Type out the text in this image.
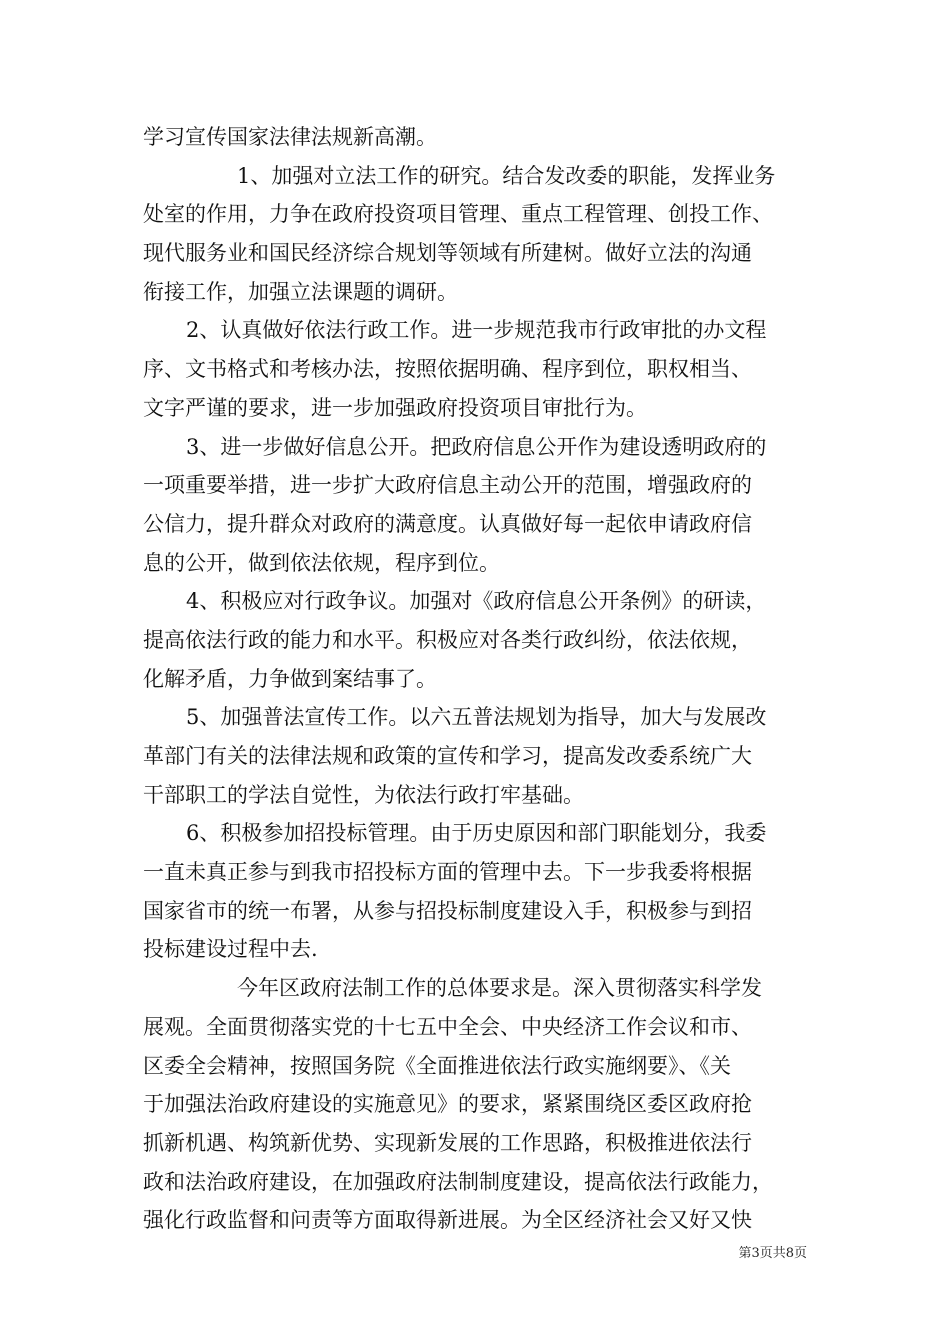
学习宣传国家法律法规新高潮。
1、加强对立法工作的研究。结合发改委的职能，发挥业务
处室的作用，力争在政府投资项目管理、重点工程管理、创投工作、
现代服务业和国民经济综合规划等领域有所建树。做好立法的沟通
衔接工作，加强立法课题的调研。
2、认真做好依法行政工作。进一步规范我市行政审批的办文程
序、文书格式和考核办法，按照依据明确、程序到位，职权相当、
文字严谨的要求，进一步加强政府投资项目审批行为。
3、进一步做好信息公开。把政府信息公开作为建设透明政府的
一项重要举措，进一步扩大政府信息主动公开的范围，增强政府的
公信力，提升群众对政府的满意度。认真做好每一起依申请政府信
息的公开，做到依法依规，程序到位。
4、积极应对行政争议。加强对《政府信息公开条例》的研读，
提高依法行政的能力和水平。积极应对各类行政纠纷，依法依规，
化解矛盾，力争做到案结事了。
5、加强普法宣传工作。以六五普法规划为指导，加大与发展改
革部门有关的法律法规和政策的宣传和学习，提高发改委系统广大
干部职工的学法自觉性，为依法行政打牢基础。
6、积极参加招投标管理。由于历史原因和部门职能划分，我委
一直未真正参与到我市招投标方面的管理中去。下一步我委将根据
国家省市的统一布署，从参与招投标制度建设入手，积极参与到招
投标建设过程中去.
今年区政府法制工作的总体要求是。深入贯彻落实科学发
展观。全面贯彻落实党的十七五中全会、中央经济工作会议和市、
区委全会精神，按照国务院《全面推进依法行政实施纲要》、《关
于加强法治政府建设的实施意见》的要求，紧紧围绕区委区政府抢
抓新机遇、构筑新优势、实现新发展的工作思路，积极推进依法行
政和法治政府建设，在加强政府法制制度建设，提高依法行政能力，
强化行政监督和问责等方面取得新进展。为全区经济社会又好又快
第3页共8页
